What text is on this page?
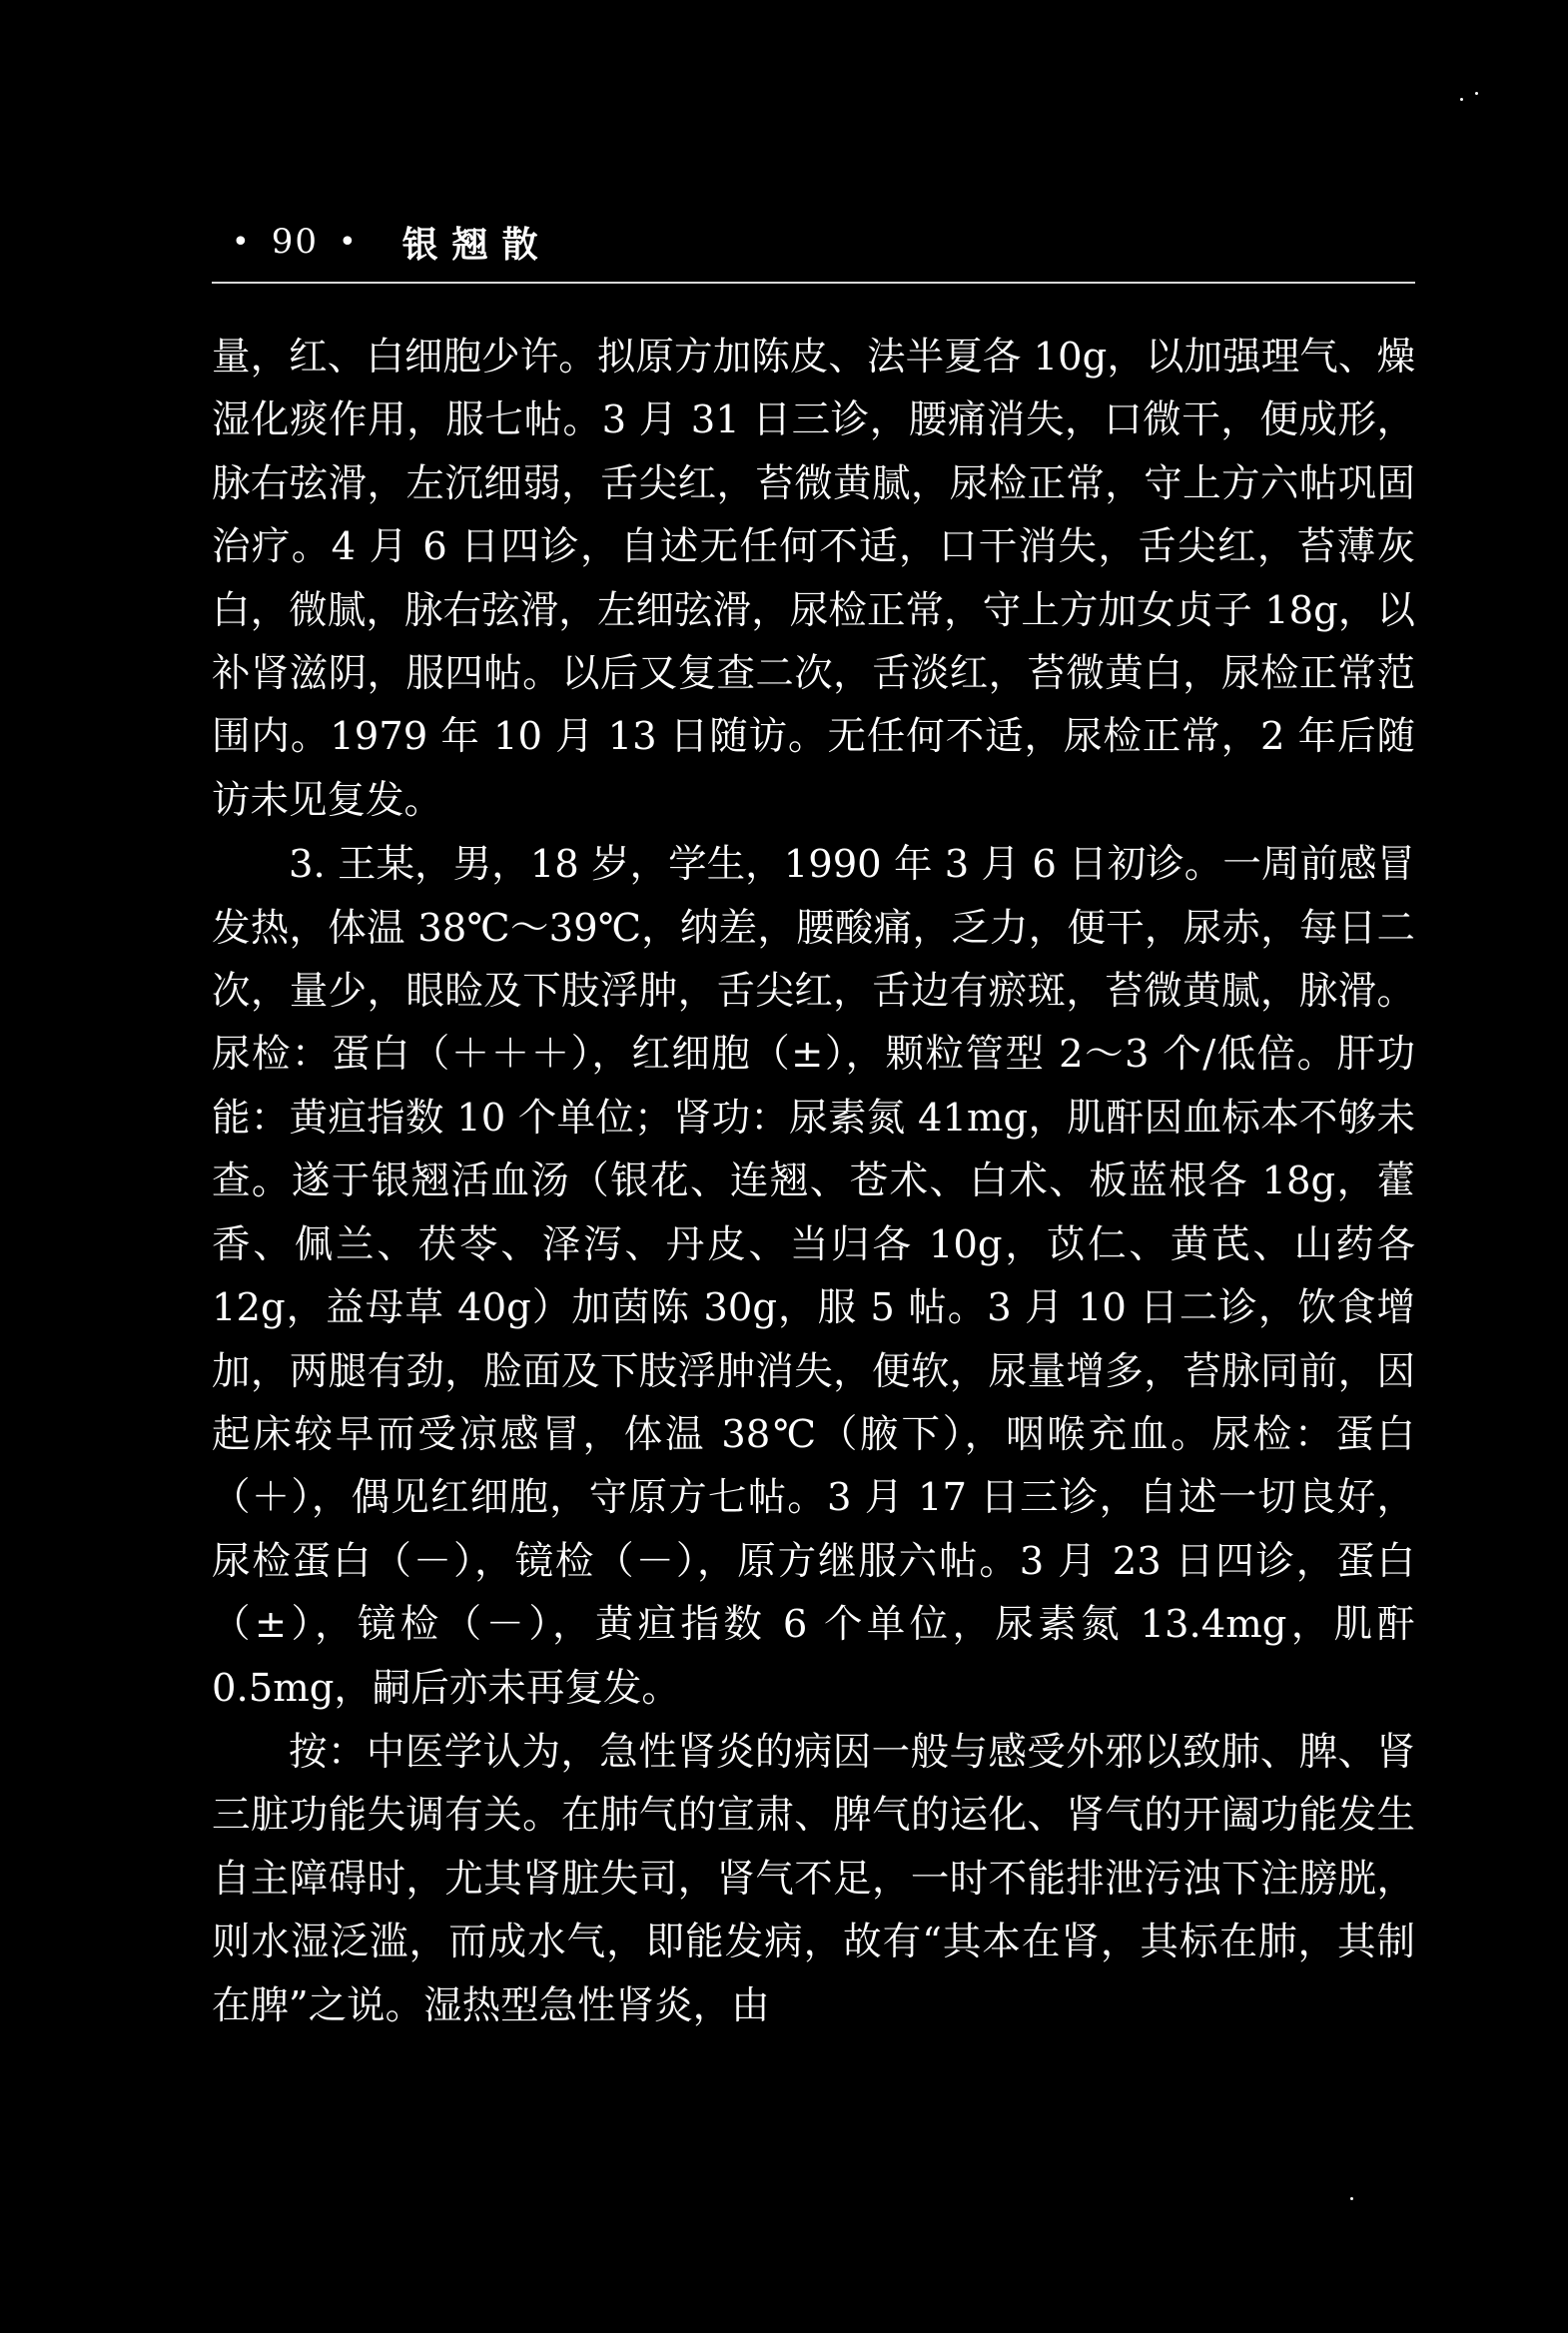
• 90 • 银翘散

量，红、白细胞少许。拟原方加陈皮、法半夏各 10g，以加强理气、燥湿化痰作用，服七帖。3 月 31 日三诊，腰痛消失，口微干，便成形，脉右弦滑，左沉细弱，舌尖红，苔微黄腻，尿检正常，守上方六帖巩固治疗。4 月 6 日四诊，自述无任何不适，口干消失，舌尖红，苔薄灰白，微腻，脉右弦滑，左细弦滑，尿检正常，守上方加女贞子 18g，以补肾滋阴，服四帖。以后又复查二次，舌淡红，苔微黄白，尿检正常范围内。1979 年 10 月 13 日随访。无任何不适，尿检正常，2 年后随访未见复发。

3. 王某，男，18 岁，学生，1990 年 3 月 6 日初诊。一周前感冒发热，体温 38℃～39℃，纳差，腰酸痛，乏力，便干，尿赤，每日二次，量少，眼睑及下肢浮肿，舌尖红，舌边有瘀斑，苔微黄腻，脉滑。尿检：蛋白（＋＋＋），红细胞（±），颗粒管型 2～3 个/低倍。肝功能：黄疸指数 10 个单位；肾功：尿素氮 41mg，肌酐因血标本不够未查。遂于银翘活血汤（银花、连翘、苍术、白术、板蓝根各 18g，藿香、佩兰、茯苓、泽泻、丹皮、当归各 10g，苡仁、黄芪、山药各 12g，益母草 40g）加茵陈 30g，服 5 帖。3 月 10 日二诊，饮食增加，两腿有劲，脸面及下肢浮肿消失，便软，尿量增多，苔脉同前，因起床较早而受凉感冒，体温 38℃（腋下），咽喉充血。尿检：蛋白（＋），偶见红细胞，守原方七帖。3 月 17 日三诊，自述一切良好，尿检蛋白（－），镜检（－），原方继服六帖。3 月 23 日四诊，蛋白（±），镜检（－），黄疸指数 6 个单位，尿素氮 13.4mg，肌酐 0.5mg，嗣后亦未再复发。

按：中医学认为，急性肾炎的病因一般与感受外邪以致肺、脾、肾三脏功能失调有关。在肺气的宣肃、脾气的运化、肾气的开阖功能发生自主障碍时，尤其肾脏失司，肾气不足，一时不能排泄污浊下注膀胱，则水湿泛滥，而成水气，即能发病，故有“其本在肾，其标在肺，其制在脾”之说。湿热型急性肾炎，由
